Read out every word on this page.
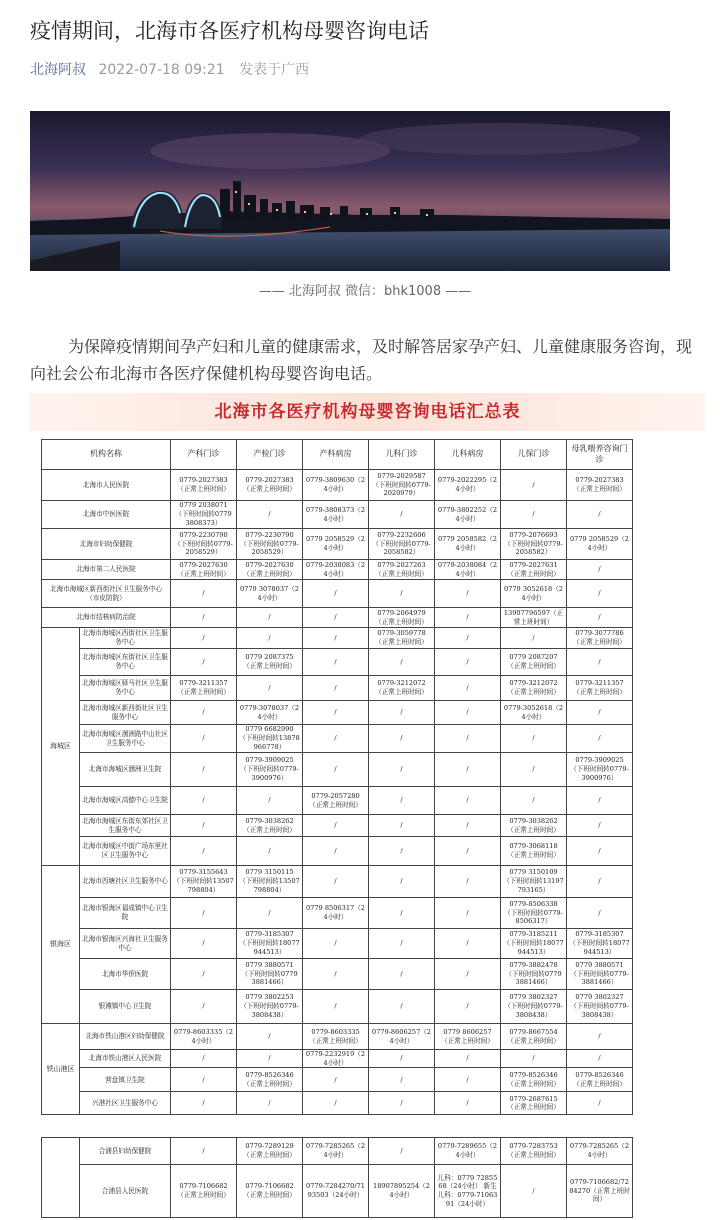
疫情期间，北海市各医疗机构母婴咨询电话
北海阿叔 2022-07-18 09:21 发表于广西
—— 北海阿叔 微信：bhk1008 ——

为保障疫情期间孕产妇和儿童的健康需求，及时解答居家孕产妇、儿童健康服务咨询，现向社会公布北海市各医疗保健机构母婴咨询电话。

北海市各医疗机构母婴咨询电话汇总表
机构名称		产科门诊	产检门诊	产科病房	儿科门诊	儿科病房	儿保门诊	母乳喂养咨询门诊
北海市人民医院		0779-2027383（正常上班时间）	0779-2027383（正常上班时间）	0779-3809630（24小时）	0779-2029587（下班时间转0779-2020979）	0779-2022295（24小时）	/	0779-2027383（正常上班时间）
北海市中医医院		0779 2038071（下班时间转0779 3808373）	/	0779-3808373（24小时）	/	0779-3802252（24小时）	/	/
北海市妇幼保健院		0779-2230790（下班时间转0779-2058529）	0779-2230790（下班时间转0779-2058529）	0779 2058529（24小时）	0779-2232606（下班时间转0779-2058582）	0779 2058582（24小时）	0779-2076693（下班时间转0779-2058582）	0779 2058529（24小时）
北海市第二人民医院		0779-2027630（正常上班时间）	0779-2027630（正常上班时间）	0779-2038083（24小时）	0779-2027263（正常上班时间）	0779-2038084（24小时）	0779-2027631（正常上班时间）	/
北海市海城区新西街社区卫生服务中心（市皮防院）		/	0779 3078037（24小时）	/	/	/	0779 3052618（24小时）	/
北海市结核病防治院		/	/	/	0779-2064979（正常上班时间）	/	13907796597（正常上班时间）	/
海城区	北海市海城区西街社区卫生服务中心	/	/	/	0779-3059778（正常上班时间）	/	/	0779-3077786（正常上班时间）
	北海市海城区东街社区卫生服务中心	/	0779 2087375（正常上班时间）	/	/	/	0779 2087207（正常上班时间）	/
	北海市海城区驿马社区卫生服务中心	0779-3211357（正常上班时间）	/	/	0779-3212072（正常上班时间）	/	0779-3212072（正常上班时间）	0779-3211357（正常上班时间）
	北海市海城区新西街社区卫生服务中心	/	0779-3078037（24小时）	/	/	/	0779-3052618（24小时）	/
	北海市海城区涠洲路中山社区卫生服务中心	/	0779 6682990（下班时间转13878966778）	/	/	/	/	/
	北海市海城区涠洲卫生院	/	0779-3909025（下班时间转0779-3900976）	/	/	/	/	0779-3909025（下班时间转0779-3900976）
	北海市海城区高德中心卫生院	/	/	0779-2057280（正常上班时间）	/	/	/	/
	北海市海城区东街东郊社区卫生服务中心	/	0779-3038262（正常上班时间）	/	/	/	0779-3038262（正常上班时间）	/
	北海市海城区中街广场东里社区卫生服务中心	/	/	/	/	/	0779-3068118（正常上班时间）	/
银海区	北海市西塘社区卫生服务中心	0779-3155643（下班时间转13507798804）	0779 3150115（下班时间转13507798804）	/	/	/	0779 3150109（下班时间转13197793165）	/
	北海市银海区福成镇中心卫生院	/	/	0779 8506317（24小时）	/	/	0779-8506338（下班时间转0779-8506317）	/
	北海市银海区兴海社卫生服务中心	/	0779-3185307（下班时间转18077944513）	/	/	/	0779-3185211（下班时间转18077944513）	0779-3185307（下班时间转18077944513）
	北海市华侨医院	/	0779 3880571（下班时间转0779 3881466）	/	/	/	0779-3882478（下班时间转0779 3881466）	0779 3880571（下班时间转0779-3881466）
	银滩镇中心卫生院	/	0779 3802253（下班时间转0779-3808438）	/	/	/	0779 3802327（下班时间转0779-3808438）	0779 3802327（下班时间转0779-3808438）
铁山港区	北海市铁山港区妇幼保健院	0779-8603335（24小时）	/	0779-8603335（正常上班时间）	0779-8606257（24小时）	0779 8606257（正常上班时间）	0779-8667554（正常上班时间）	/
	北海市铁山港区人民医院	/	/	0779-2232919（24小时）	/	/	/	/
	营盘镇卫生院	/	0779-8526346（正常上班时间）	/	/	/	0779-8526346（正常上班时间）	0779-8526346（正常上班时间）
	兴港社区卫生服务中心	/	/	/	/	/	0779-2687615（正常上班时间）	/
	合浦县妇幼保健院	/	0779-7289129（正常上班时间）	0779-7285265（24小时）	/	0779-7289655（24小时）	0779-7283753（正常上班时间）	0779-7285265（24小时）
	合浦县人民医院	0779-7106682（正常上班时间）	0779-7106682（正常上班时间）	0779-7284270/7193503（24小时）	18907895254（24小时）	儿科：0779 7285568（24小时） 新生儿科：0779-7106391（24小时）	/	0779-7106682/7284270（正常上班时间）
